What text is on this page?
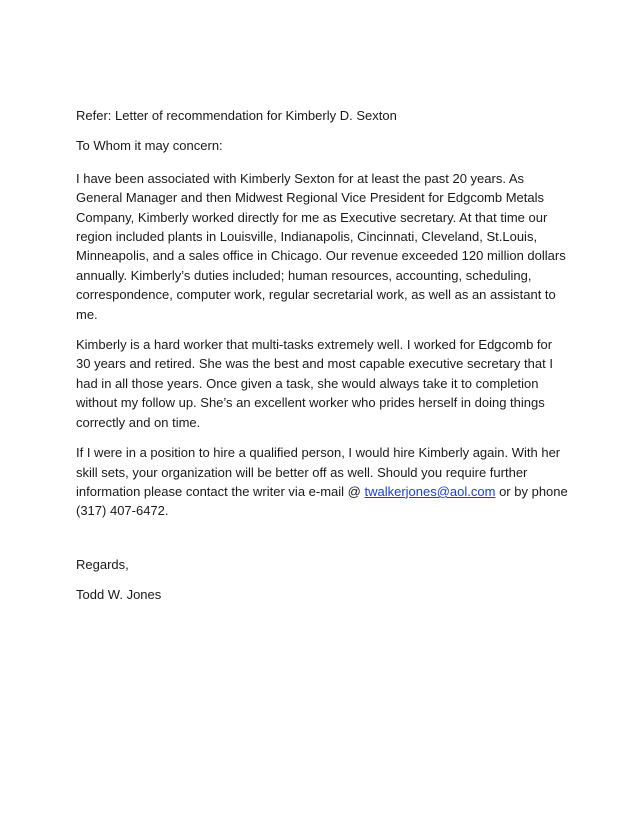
Refer: Letter of recommendation for Kimberly D. Sexton

To Whom it may concern:

I have been associated with Kimberly Sexton for at least the past 20 years. As General Manager and then Midwest Regional Vice President for Edgcomb Metals Company, Kimberly worked directly for me as Executive secretary. At that time our region included plants in Louisville, Indianapolis, Cincinnati, Cleveland, St.Louis, Minneapolis, and a sales office in Chicago. Our revenue exceeded 120 million dollars annually. Kimberly’s duties included; human resources, accounting, scheduling, correspondence, computer work, regular secretarial work, as well as an assistant to me.

Kimberly is a hard worker that multi-tasks extremely well. I worked for Edgcomb for 30 years and retired. She was the best and most capable executive secretary that I had in all those years. Once given a task, she would always take it to completion without my follow up. She’s an excellent worker who prides herself in doing things correctly and on time.

If I were in a position to hire a qualified person, I would hire Kimberly again. With her skill sets, your organization will be better off as well. Should you require further information please contact the writer via e-mail @ twalkerjones@aol.com or by phone (317) 407-6472.

Regards,

Todd W. Jones
